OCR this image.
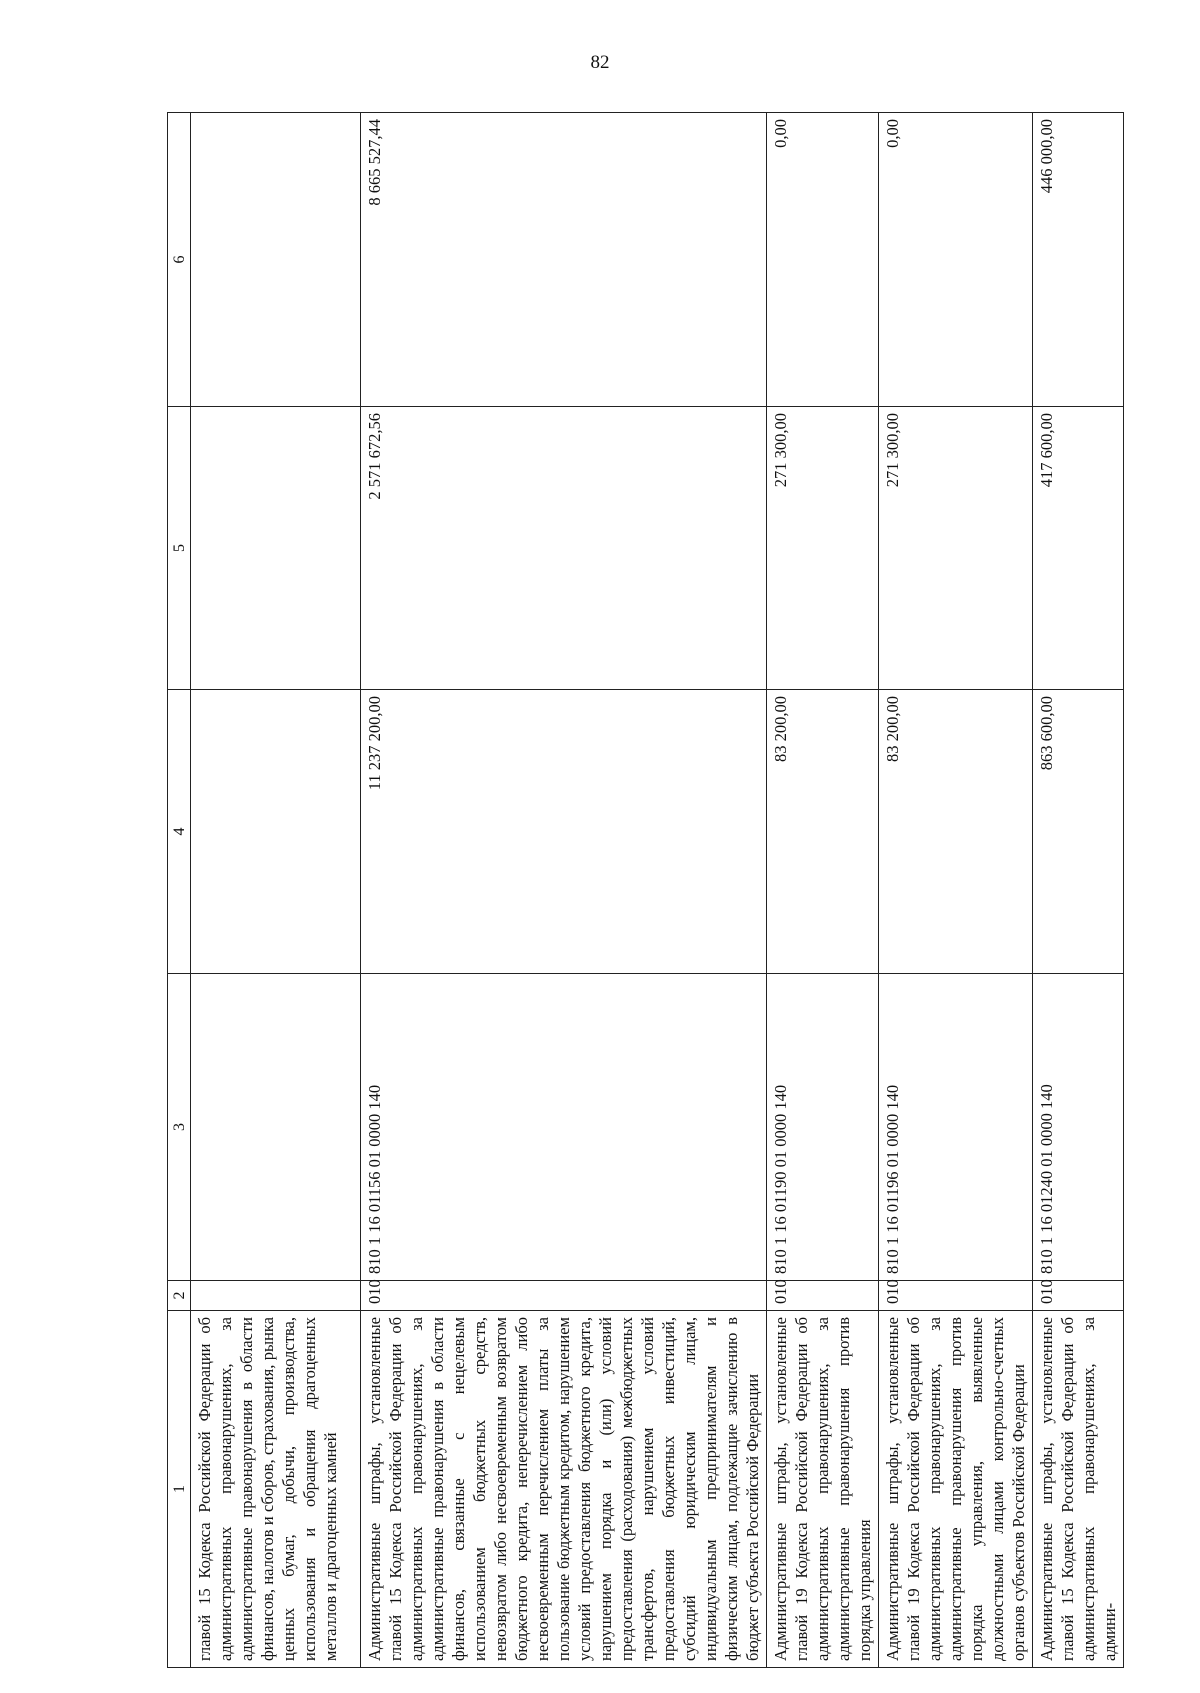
82
1	2	3	4	5	6
главой 15 Кодекса Российской Федерации об административных правонарушениях, за административные правонарушения в области финансов, налогов и сборов, страхования, рынка ценных бумаг, добычи, производства, использования и обращения драгоценных металлов и драгоценных камней					
Административные штрафы, установленные главой 15 Кодекса Российской Федерации об административных правонарушениях, за административные правонарушения в области финансов, связанные с нецелевым использованием бюджетных средств, невозвратом либо несвоевременным возвратом бюджетного кредита, неперечислением либо несвоевременным перечислением платы за пользование бюджетным кредитом, нарушением условий предоставления бюджетного кредита, нарушением порядка и (или) условий предоставления (расходования) межбюджетных трансфертов, нарушением условий предоставления бюджетных инвестиций, субсидий юридическим лицам, индивидуальным предпринимателям и физическим лицам, подлежащие зачислению в бюджет субъекта Российской Федерации	010	810 1 16 01156 01 0000 140	11 237 200,00	2 571 672,56	8 665 527,44
Административные штрафы, установленные главой 19 Кодекса Российской Федерации об административных правонарушениях, за административные правонарушения против порядка управления	010	810 1 16 01190 01 0000 140	83 200,00	271 300,00	0,00
Административные штрафы, установленные главой 19 Кодекса Российской Федерации об административных правонарушениях, за административные правонарушения против порядка управления, выявленные должностными лицами контрольно-счетных органов субъектов Российской Федерации	010	810 1 16 01196 01 0000 140	83 200,00	271 300,00	0,00
Административные штрафы, установленные главой 15 Кодекса Российской Федерации об административных правонарушениях, за админи-	010	810 1 16 01240 01 0000 140	863 600,00	417 600,00	446 000,00
